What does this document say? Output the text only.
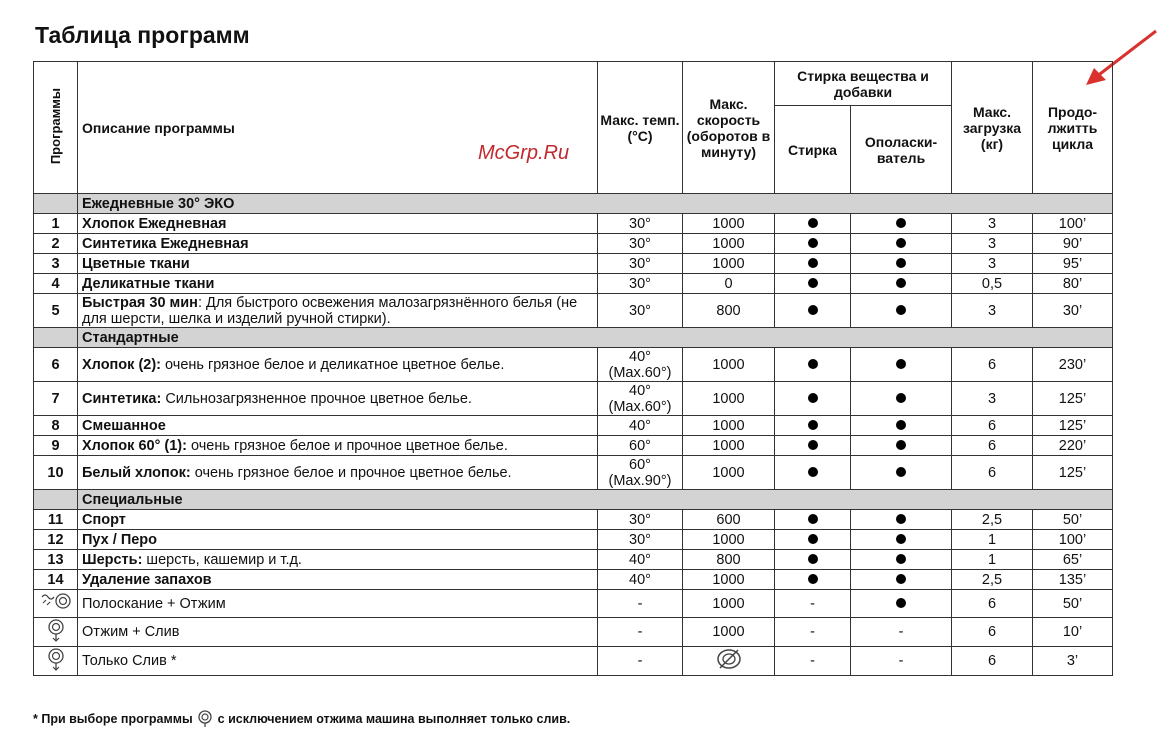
Таблица программ
Программы	Описание программы	Макс. темп. (°C)	Макс. скорость (оборотов в минуту)	Стирка вещества и добавки		Макс. загрузка (кг)	Продо-лжитть цикла
				Стирка	Ополаски-ватель		
	Ежедневные 30° ЭКО						
1	Хлопок Ежедневная	30°	1000			3	100’
2	Синтетика Ежедневная	30°	1000			3	90’
3	Цветные ткани	30°	1000			3	95’
4	Деликатные ткани	30°	0			0,5	80’
5	Быстрая 30 мин: Для быстрого освежения малозагрязнённого белья (не для шерсти, шелка и изделий ручной стирки).	30°	800			3	30’
	Стандартные						
6	Хлопок (2): очень грязное белое и деликатное цветное белье.	40° (Max.60°)	1000			6	230’
7	Синтетика: Сильнозагрязненное прочное цветное белье.	40° (Max.60°)	1000			3	125’
8	Смешанное	40°	1000			6	125’
9	Хлопок 60° (1): очень грязное белое и прочное цветное белье.	60°	1000			6	220’
10	Белый хлопок: очень грязное белое и прочное цветное белье.	60° (Max.90°)	1000			6	125’
	Специальные						
11	Спорт	30°	600			2,5	50’
12	Пух / Перо	30°	1000			1	100’
13	Шерсть: шерсть, кашемир и т.д.	40°	800			1	65’
14	Удаление запахов	40°	1000			2,5	135’
	Полоскание + Отжим	-	1000	-		6	50’
	Отжим + Слив	-	1000	-	-	6	10’
	Только Слив *	-		-	-	6	3’
McGrp.Ru
* При выборе программы с исключением отжима машина выполняет только слив.
